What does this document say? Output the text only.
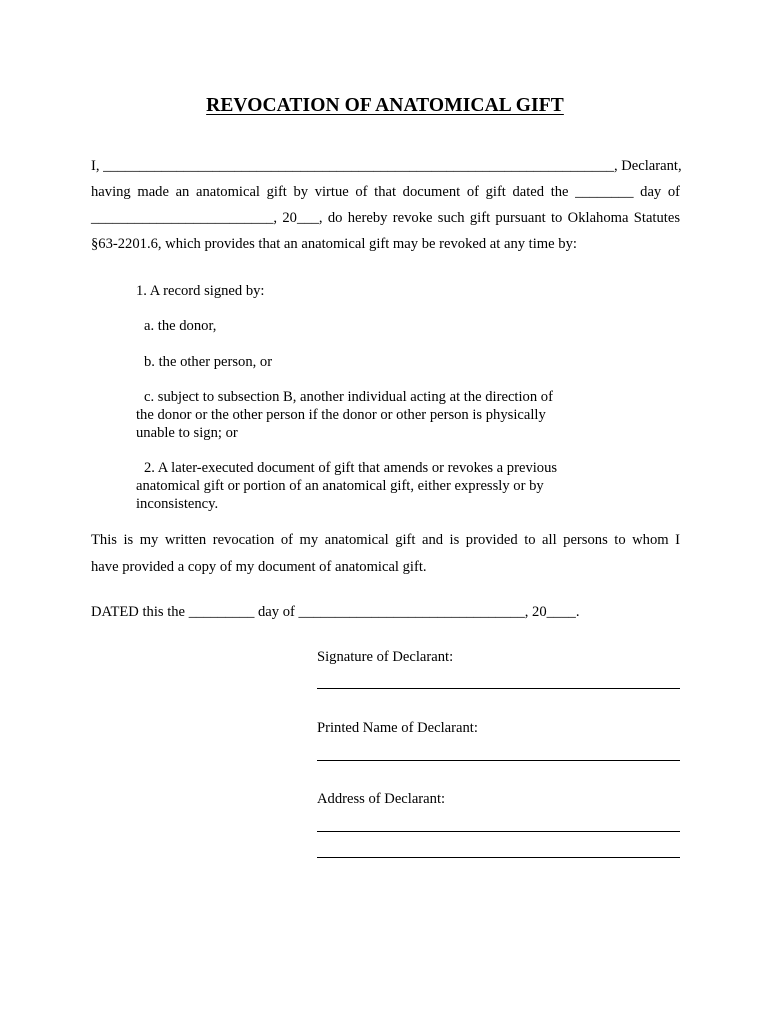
REVOCATION OF ANATOMICAL GIFT
I, ______________________________________________________________________, Declarant,
having made an anatomical gift by virtue of that document of gift dated the ________ day of
_________________________, 20___, do hereby revoke such gift pursuant to Oklahoma Statutes
§63-2201.6, which provides that an anatomical gift may be revoked at any time by:
1. A record signed by:
a. the donor,
b. the other person, or
c. subject to subsection B, another individual acting at the direction of
the donor or the other person if the donor or other person is physically
unable to sign; or
2. A later-executed document of gift that amends or revokes a previous
anatomical gift or portion of an anatomical gift, either expressly or by
inconsistency.
This is my written revocation of my anatomical gift and is provided to all persons to whom I
have provided a copy of my document of anatomical gift.
DATED this the _________ day of _______________________________, 20____.
Signature of Declarant:
Printed Name of Declarant:
Address of Declarant:
